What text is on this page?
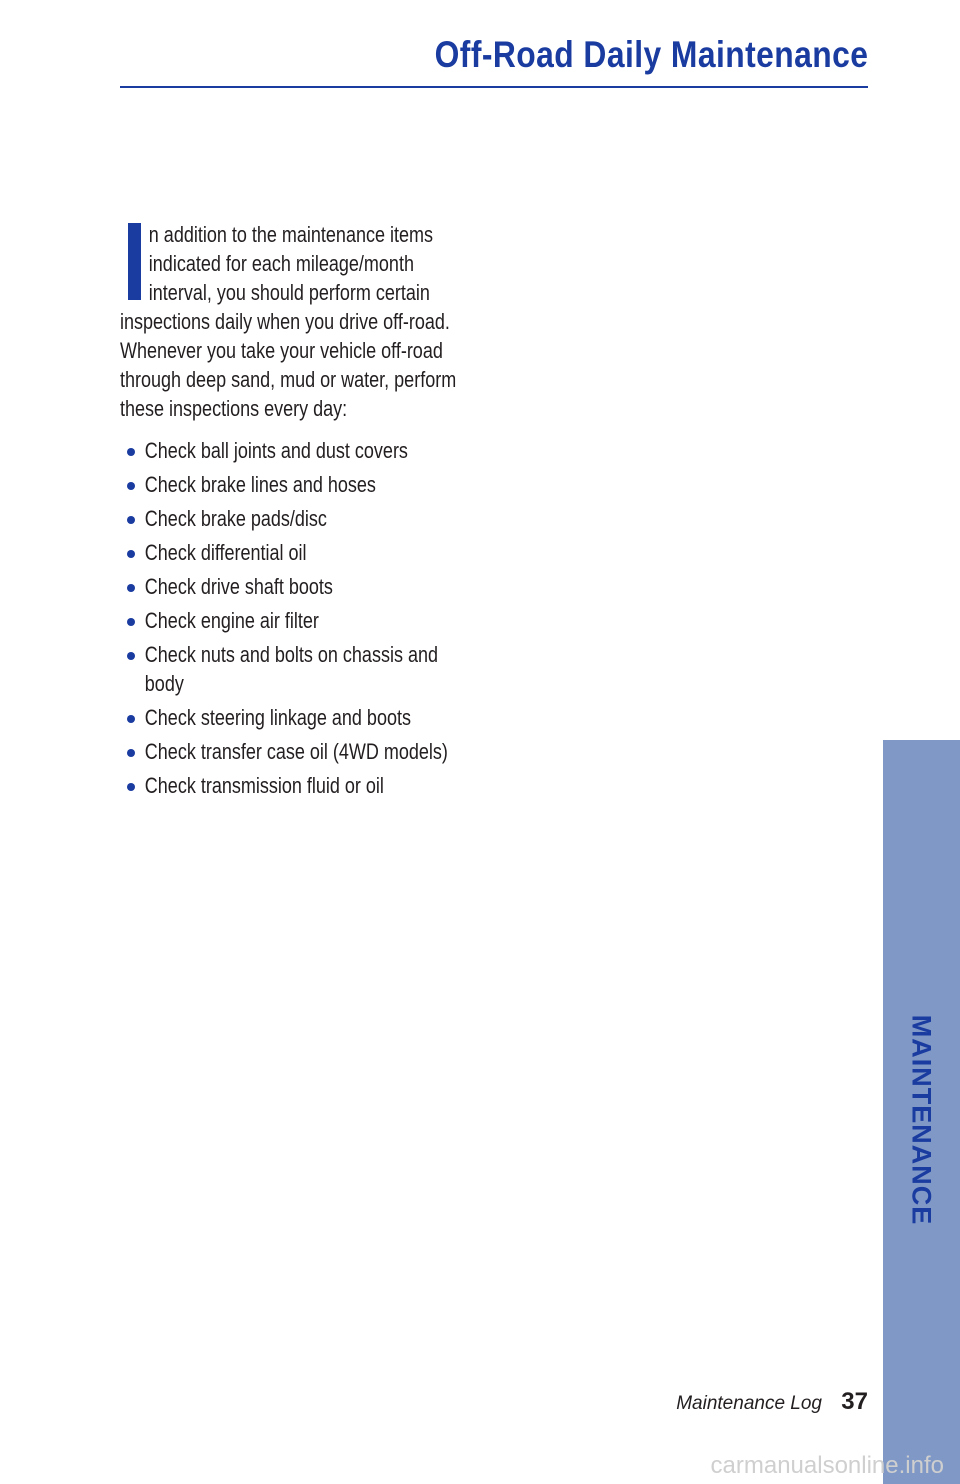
Off-Road Daily Maintenance
n addition to the maintenance items
indicated for each mileage/month
interval, you should perform certain
inspections daily when you drive off-road.
Whenever you take your vehicle off-road
through deep sand, mud or water, perform
these inspections every day:
Check ball joints and dust covers
Check brake lines and hoses
Check brake pads/disc
Check differential oil
Check drive shaft boots
Check engine air filter
Check nuts and bolts on chassis and
body
Check steering linkage and boots
Check transfer case oil (4WD models)
Check transmission fluid or oil
MAINTENANCE
Maintenance Log 37
carmanualsonline.info
